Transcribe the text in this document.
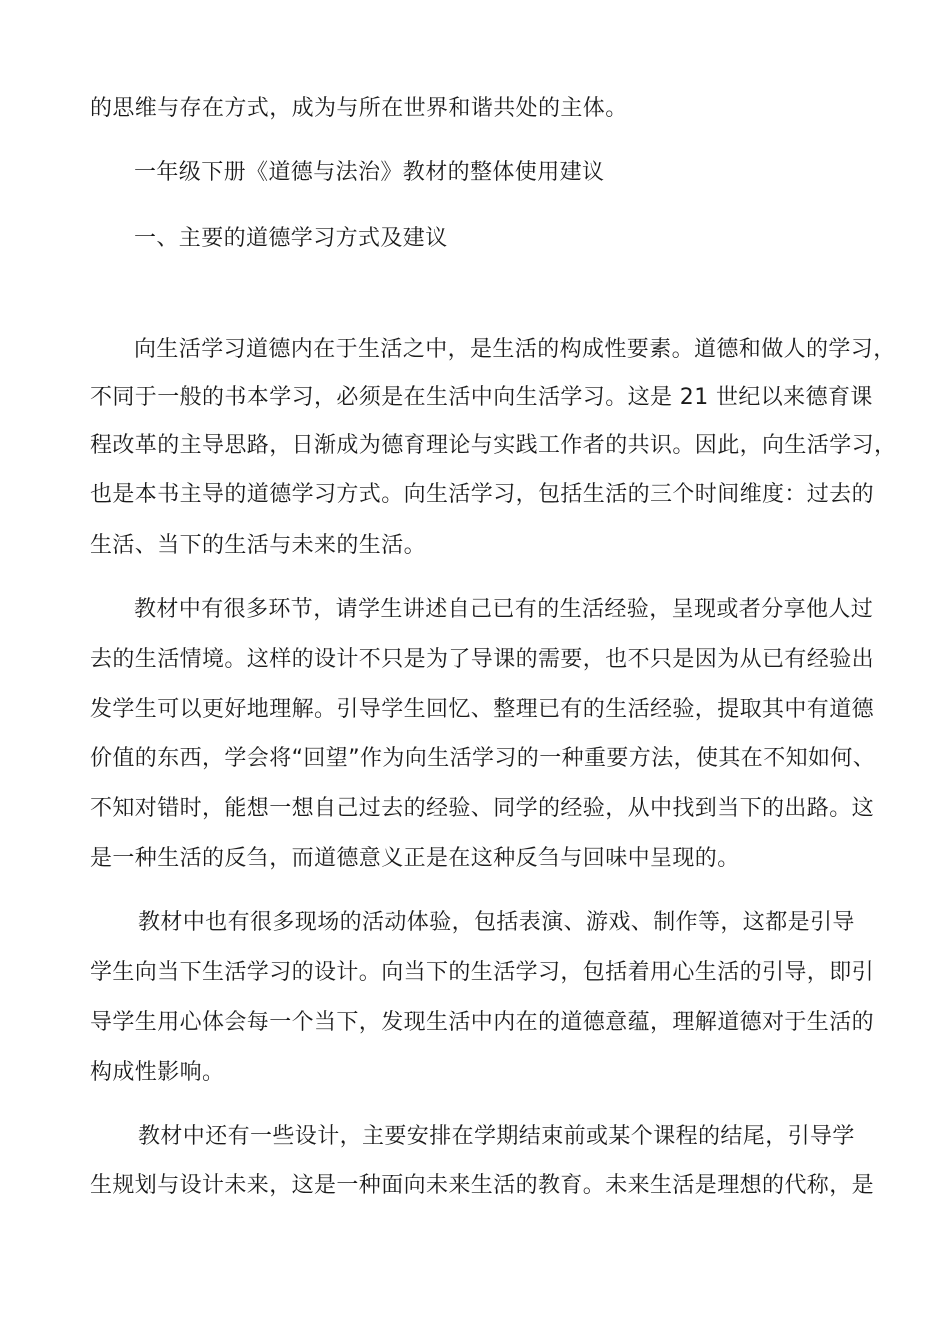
的思维与存在方式，成为与所在世界和谐共处的主体。
一年级下册《道德与法治》教材的整体使用建议
一、主要的道德学习方式及建议
向生活学习道德内在于生活之中，是生活的构成性要素。道德和做人的学习，
不同于一般的书本学习，必须是在生活中向生活学习。这是 21 世纪以来德育课
程改革的主导思路，日渐成为德育理论与实践工作者的共识。因此，向生活学习，
也是本书主导的道德学习方式。向生活学习，包括生活的三个时间维度：过去的
生活、当下的生活与未来的生活。
教材中有很多环节，请学生讲述自己已有的生活经验，呈现或者分享他人过
去的生活情境。这样的设计不只是为了导课的需要，也不只是因为从已有经验出
发学生可以更好地理解。引导学生回忆、整理已有的生活经验，提取其中有道德
价值的东西，学会将“回望”作为向生活学习的一种重要方法，使其在不知如何、
不知对错时，能想一想自己过去的经验、同学的经验，从中找到当下的出路。这
是一种生活的反刍，而道德意义正是在这种反刍与回味中呈现的。
教材中也有很多现场的活动体验，包括表演、游戏、制作等，这都是引导
学生向当下生活学习的设计。向当下的生活学习，包括着用心生活的引导，即引
导学生用心体会每一个当下，发现生活中内在的道德意蕴，理解道德对于生活的
构成性影响。
教材中还有一些设计，主要安排在学期结束前或某个课程的结尾，引导学
生规划与设计未来，这是一种面向未来生活的教育。未来生活是理想的代称，是
